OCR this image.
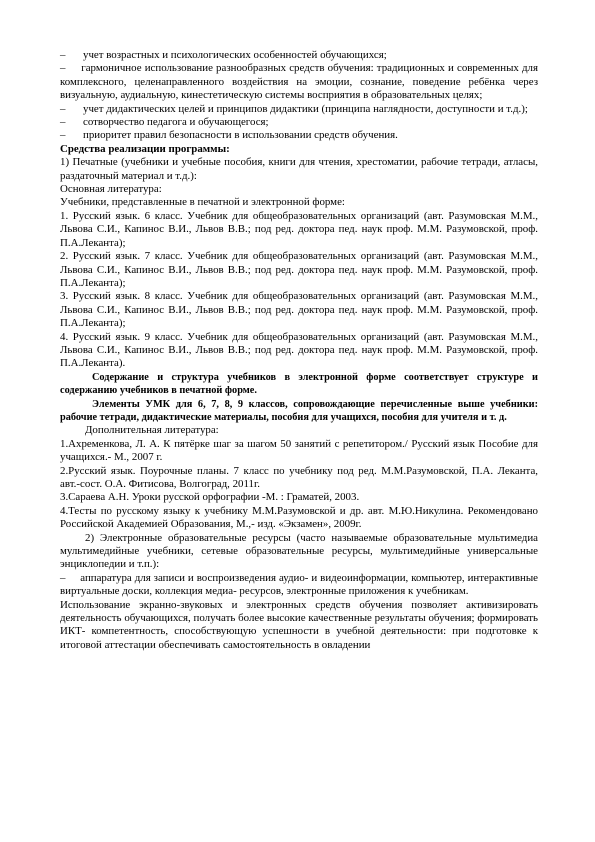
–	учет возрастных и психологических особенностей обучающихся;
– гармоничное использование разнообразных средств обучения: традиционных и современных для комплексного, целенаправленного воздействия на эмоции, сознание, поведение ребёнка через визуальную, аудиальную, кинестетическую системы восприятия в образовательных целях;
–	учет дидактических целей и принципов дидактики (принципа наглядности, доступности и т.д.);
–	сотворчество педагога и обучающегося;
–	приоритет правил безопасности в использовании средств обучения.
Средства реализации программы:
1) Печатные (учебники и учебные пособия, книги для чтения, хрестоматии, рабочие тетради, атласы, раздаточный материал и т.д.):
Основная литература:
Учебники, представленные в печатной и электронной форме:
1. Русский язык. 6 класс. Учебник для общеобразовательных организаций (авт. Разумовская М.М., Львова С.И., Капинос В.И., Львов В.В.; под ред. доктора пед. наук проф. М.М. Разумовской, проф. П.А.Леканта);
2. Русский язык. 7 класс. Учебник для общеобразовательных организаций (авт. Разумовская М.М., Львова С.И., Капинос В.И., Львов В.В.; под ред. доктора пед. наук проф. М.М. Разумовской, проф. П.А.Леканта);
3. Русский язык. 8 класс. Учебник для общеобразовательных организаций (авт. Разумовская М.М., Львова С.И., Капинос В.И., Львов В.В.; под ред. доктора пед. наук проф. М.М. Разумовской, проф. П.А.Леканта);
4. Русский язык. 9 класс. Учебник для общеобразовательных организаций (авт. Разумовская М.М., Львова С.И., Капинос В.И., Львов В.В.; под ред. доктора пед. наук проф. М.М. Разумовской, проф. П.А.Леканта).
Содержание и структура учебников в электронной форме соответствует структуре и содержанию учебников в печатной форме.
Элементы УМК для 6, 7, 8, 9 классов, сопровождающие перечисленные выше учебники: рабочие тетради, дидактические материалы, пособия для учащихся, пособия для учителя и т. д.
Дополнительная литература:
1.Ахременкова, Л. А. К пятёрке шаг за шагом 50 занятий с репетитором./ Русский язык Пособие для учащихся.- М., 2007 г.
2.Русский язык. Поурочные планы. 7 класс по учебнику под ред. М.М.Разумовской, П.А. Леканта, авт.-сост. О.А. Фитисова, Волгоград, 2011г.
3.Сараева А.Н. Уроки русской орфографии -М. : Граматей, 2003.
4.Тесты по русскому языку к учебнику М.М.Разумовской и др. авт. М.Ю.Никулина. Рекомендовано Российской Академией Образования, М.,- изд. «Экзамен», 2009г.
2) Электронные образовательные ресурсы (часто называемые образовательные мультимедиа мультимедийные учебники, сетевые образовательные ресурсы, мультимедийные универсальные энциклопедии и т.п.):
– аппаратура для записи и воспроизведения аудио- и видеоинформации, компьютер, интерактивные виртуальные доски, коллекция медиа- ресурсов, электронные приложения к учебникам.
Использование экранно-звуковых и электронных средств обучения позволяет активизировать деятельность обучающихся, получать более высокие качественные результаты обучения; формировать ИКТ- компетентность, способствующую успешности в учебной деятельности: при подготовке к итоговой аттестации обеспечивать самостоятельность в овладении
